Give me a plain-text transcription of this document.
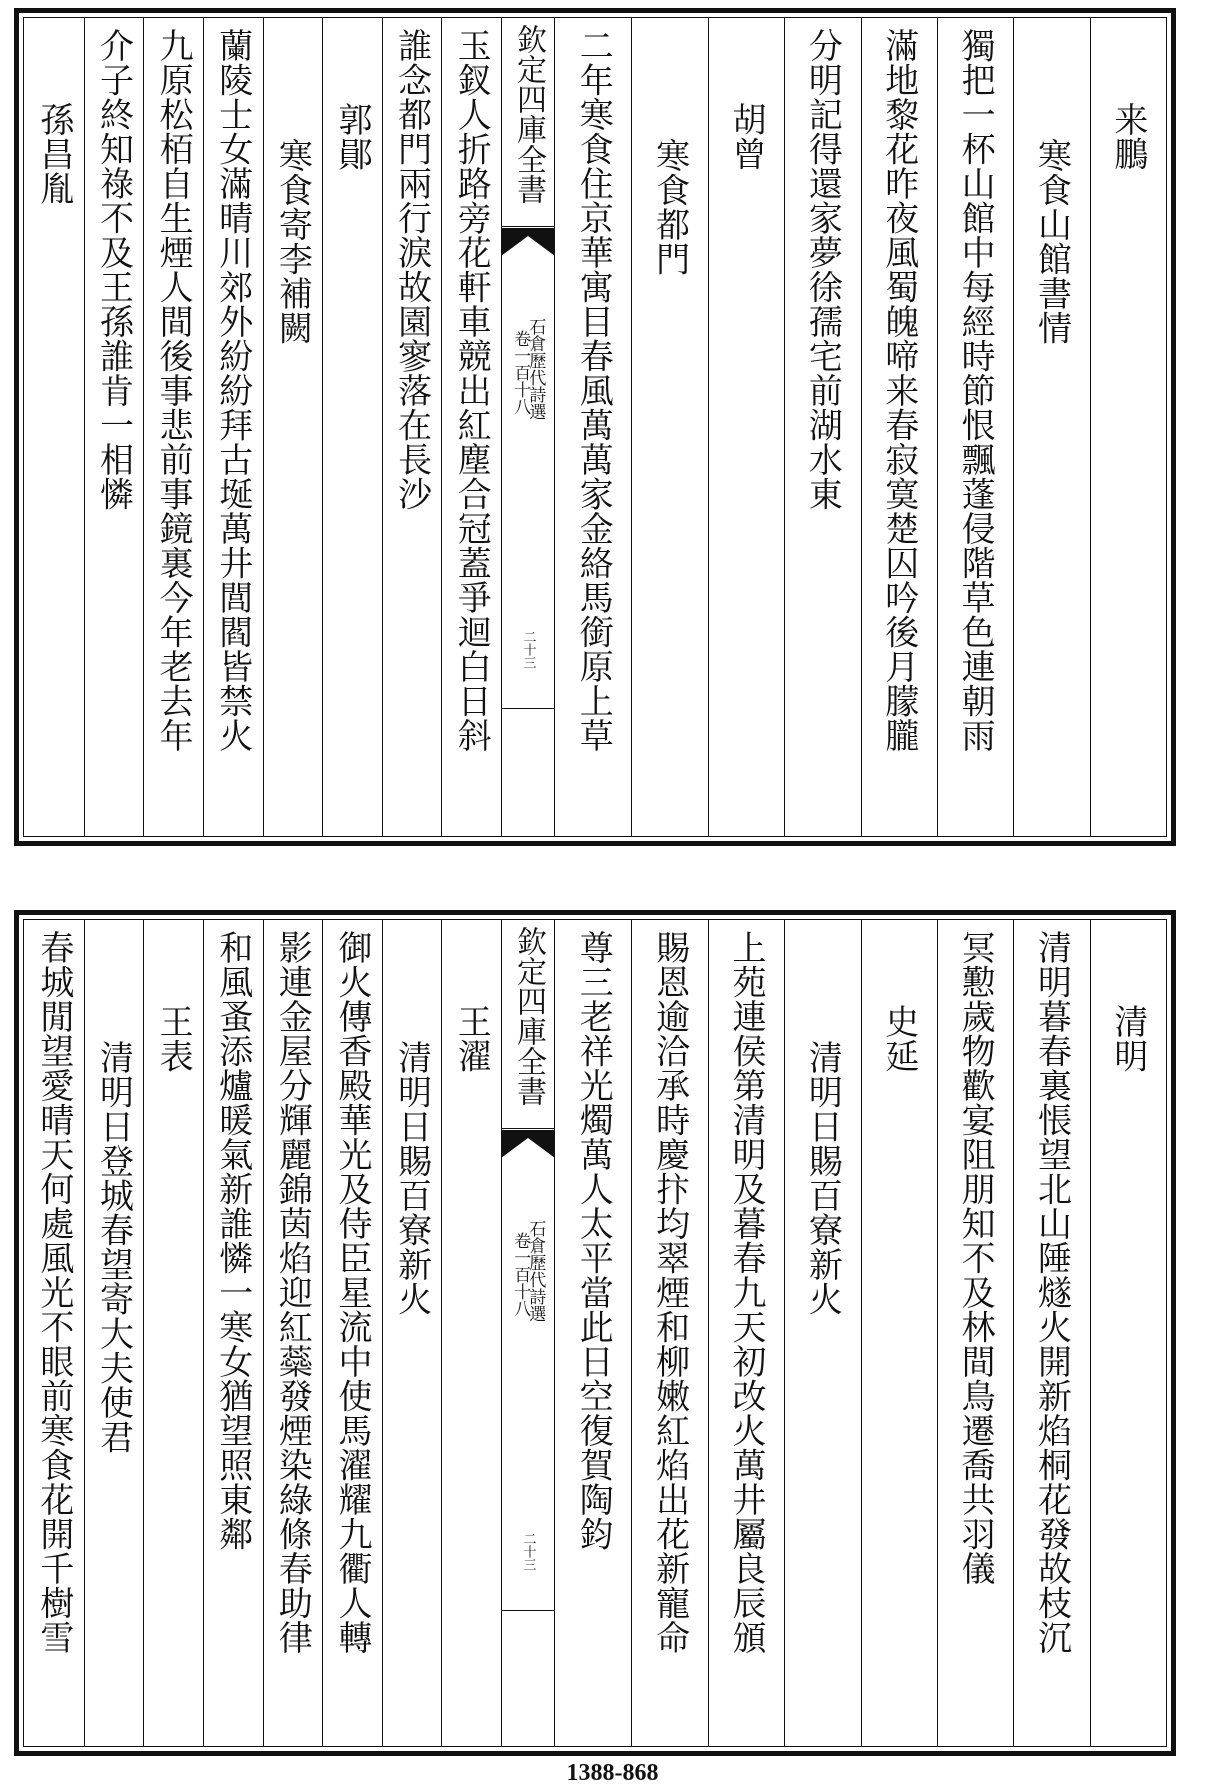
欽定四庫全書
石倉歷代詩選
卷一百十八
二十三
玉釵人折路旁花軒車競出紅塵合冠蓋爭迴白日斜
誰念都門兩行淚故園寥落在長沙
郭鄖
寒食寄李補闕
蘭陵士女滿晴川郊外紛紛拜古埏萬井閭閻皆禁火
九原松栢自生煙人間後事悲前事鏡裏今年老去年
介子終知祿不及王孫誰肯一相憐
孫昌胤	来鵬
寒食山館書情
獨把一杯山館中每經時節恨飄蓬侵階草色連朝雨
滿地黎花昨夜風蜀魄啼来春寂寞楚囚吟後月朦朧
分明記得還家夢徐孺宅前湖水東
胡曾
寒食都門
二年寒食住京華寓目春風萬萬家金絡馬銜原上草
欽定四庫全書
石倉歷代詩選
卷一百十八
二十三
王濯
清明日賜百寮新火
御火傳香殿華光及侍臣星流中使馬濯耀九衢人轉
影連金屋分輝麗錦茵焰迎紅蘂發煙染綠條春助律
和風蚤添爐暖氣新誰憐一寒女猶望照東鄰
王表
清明日登城春望寄大夫使君
春城閒望愛晴天何處風光不眼前寒食花開千樹雪	清明
清明暮春裏悵望北山陲燧火開新焰桐花發故枝沉
冥懃歲物歡宴阻朋知不及林間鳥遷喬共羽儀
史延
清明日賜百寮新火
上苑連侯第清明及暮春九天初改火萬井屬良辰頒
賜恩逾洽承時慶抃均翠煙和柳嫩紅焰出花新寵命
尊三老祥光燭萬人太平當此日空復賀陶鈞
1388-868
